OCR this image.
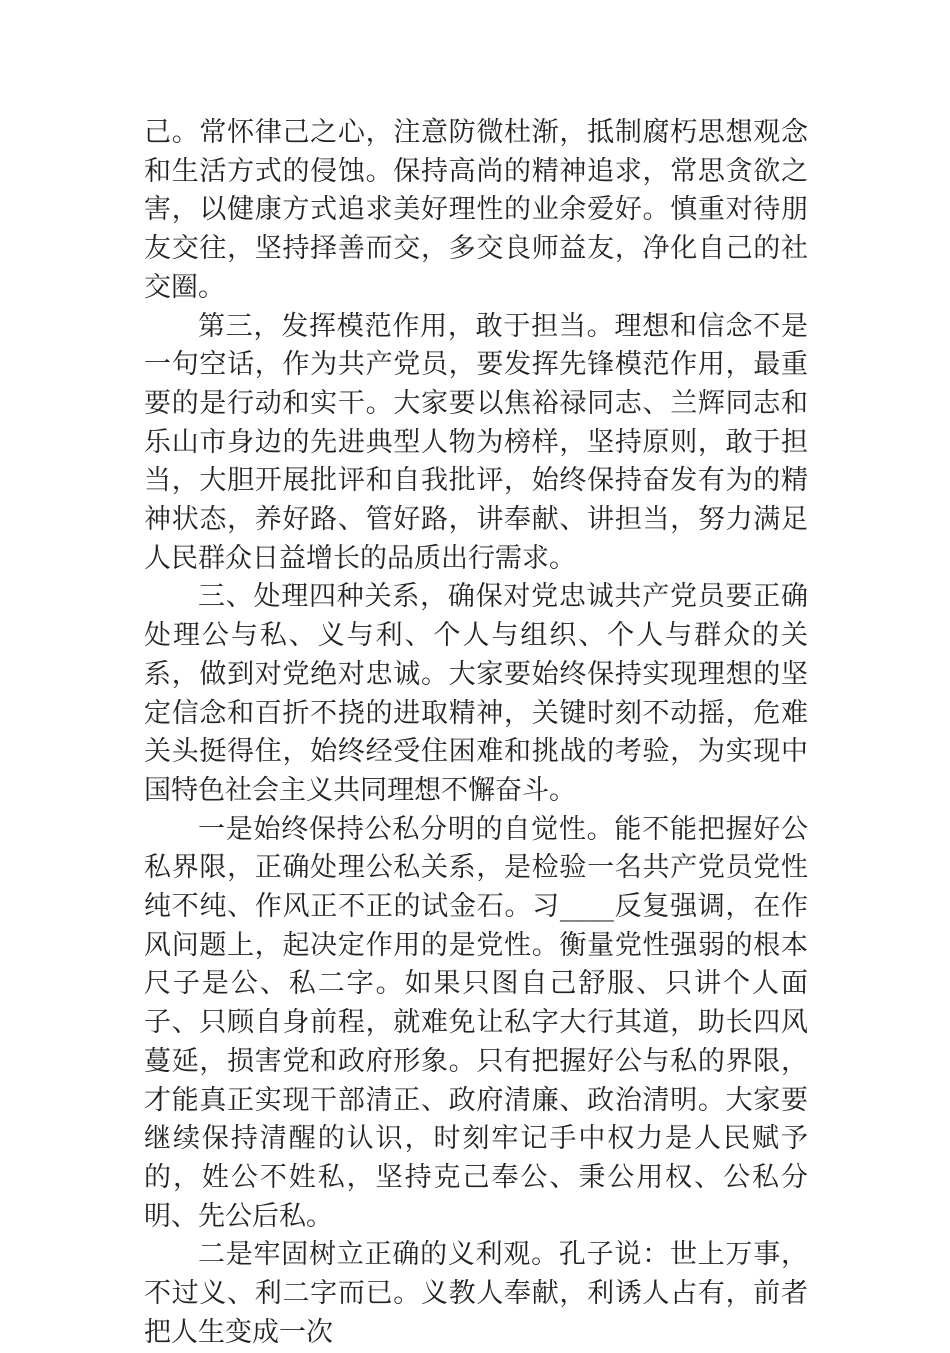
己。常怀律己之心，注意防微杜渐，抵制腐朽思想观念和生活方式的侵蚀。保持高尚的精神追求，常思贪欲之害，以健康方式追求美好理性的业余爱好。慎重对待朋友交往，坚持择善而交，多交良师益友，净化自己的社交圈。

第三，发挥模范作用，敢于担当。理想和信念不是一句空话，作为共产党员，要发挥先锋模范作用，最重要的是行动和实干。大家要以焦裕禄同志、兰辉同志和乐山市身边的先进典型人物为榜样，坚持原则，敢于担当，大胆开展批评和自我批评，始终保持奋发有为的精神状态，养好路、管好路，讲奉献、讲担当，努力满足人民群众日益增长的品质出行需求。

三、处理四种关系，确保对党忠诚共产党员要正确处理公与私、义与利、个人与组织、个人与群众的关系，做到对党绝对忠诚。大家要始终保持实现理想的坚定信念和百折不挠的进取精神，关键时刻不动摇，危难关头挺得住，始终经受住困难和挑战的考验，为实现中国特色社会主义共同理想不懈奋斗。

一是始终保持公私分明的自觉性。能不能把握好公私界限，正确处理公私关系，是检验一名共产党员党性纯不纯、作风正不正的试金石。习____反复强调，在作风问题上，起决定作用的是党性。衡量党性强弱的根本尺子是公、私二字。如果只图自己舒服、只讲个人面子、只顾自身前程，就难免让私字大行其道，助长四风蔓延，损害党和政府形象。只有把握好公与私的界限，才能真正实现干部清正、政府清廉、政治清明。大家要继续保持清醒的认识，时刻牢记手中权力是人民赋予的，姓公不姓私，坚持克己奉公、秉公用权、公私分明、先公后私。

二是牢固树立正确的义利观。孔子说：世上万事，不过义、利二字而已。义教人奉献，利诱人占有，前者把人生变成一次
